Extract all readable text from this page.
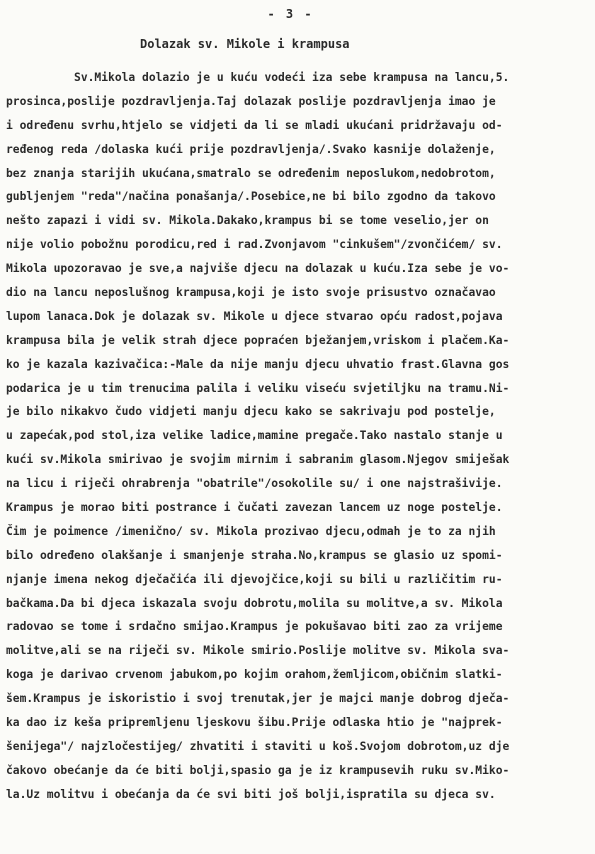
- 3 -
Dolazak sv. Mikole i krampusa
Sv.Mikola dolazio je u kuću vodeći iza sebe krampusa na lancu,5.
prosinca,poslije pozdravljenja.Taj dolazak poslije pozdravljenja imao je
i određenu svrhu,htjelo se vidjeti da li se mladi ukućani pridržavaju od-
ređenog reda /dolaska kući prije pozdravljenja/.Svako kasnije dolaženje,
bez znanja starijih ukućana,smatralo se određenim neposlukom,nedobrotom,
gubljenjem "reda"/načina ponašanja/.Posebice,ne bi bilo zgodno da takovo
nešto zapazi i vidi sv. Mikola.Dakako,krampus bi se tome veselio,jer on
nije volio pobožnu porodicu,red i rad.Zvonjavom "cinkušem"/zvončićem/ sv.
Mikola upozoravao je sve,a najviše djecu na dolazak u kuću.Iza sebe je vo-
dio na lancu neposlušnog krampusa,koji je isto svoje prisustvo označavao
lupom lanaca.Dok je dolazak sv. Mikole u djece stvarao opću radost,pojava
krampusa bila je velik strah djece popraćen bježanjem,vriskom i plačem.Ka-
ko je kazala kazivačica:-Male da nije manju djecu uhvatio frast.Glavna gos
podarica je u tim trenucima palila i veliku viseću svjetiljku na tramu.Ni-
je bilo nikakvo čudo vidjeti manju djecu kako se sakrivaju pod postelje,
u zapećak,pod stol,iza velike ladice,mamine pregače.Tako nastalo stanje u
kući sv.Mikola smirivao je svojim mirnim i sabranim glasom.Njegov smiješak
na licu i riječi ohrabrenja "obatrile"/osokolile su/ i one najstrašivije.
Krampus je morao biti postrance i čučati zavezan lancem uz noge postelje.
Čim je poimence /imenično/ sv. Mikola prozivao djecu,odmah je to za njih
bilo određeno olakšanje i smanjenje straha.No,krampus se glasio uz spomi-
njanje imena nekog dječačića ili djevojčice,koji su bili u različitim ru-
bačkama.Da bi djeca iskazala svoju dobrotu,molila su molitve,a sv. Mikola
radovao se tome i srdačno smijao.Krampus je pokušavao biti zao za vrijeme
molitve,ali se na riječi sv. Mikole smirio.Poslije molitve sv. Mikola sva-
koga je darivao crvenom jabukom,po kojim orahom,žemljicom,običnim slatki-
šem.Krampus je iskoristio i svoj trenutak,jer je majci manje dobrog dječa-
ka dao iz keša pripremljenu ljeskovu šibu.Prije odlaska htio je "najprek-
šenijega"/ najzločestijeg/ zhvatiti i staviti u koš.Svojom dobrotom,uz dje
čakovo obećanje da će biti bolji,spasio ga je iz krampusevih ruku sv.Miko-
la.Uz molitvu i obećanja da će svi biti još bolji,ispratila su djeca sv.
